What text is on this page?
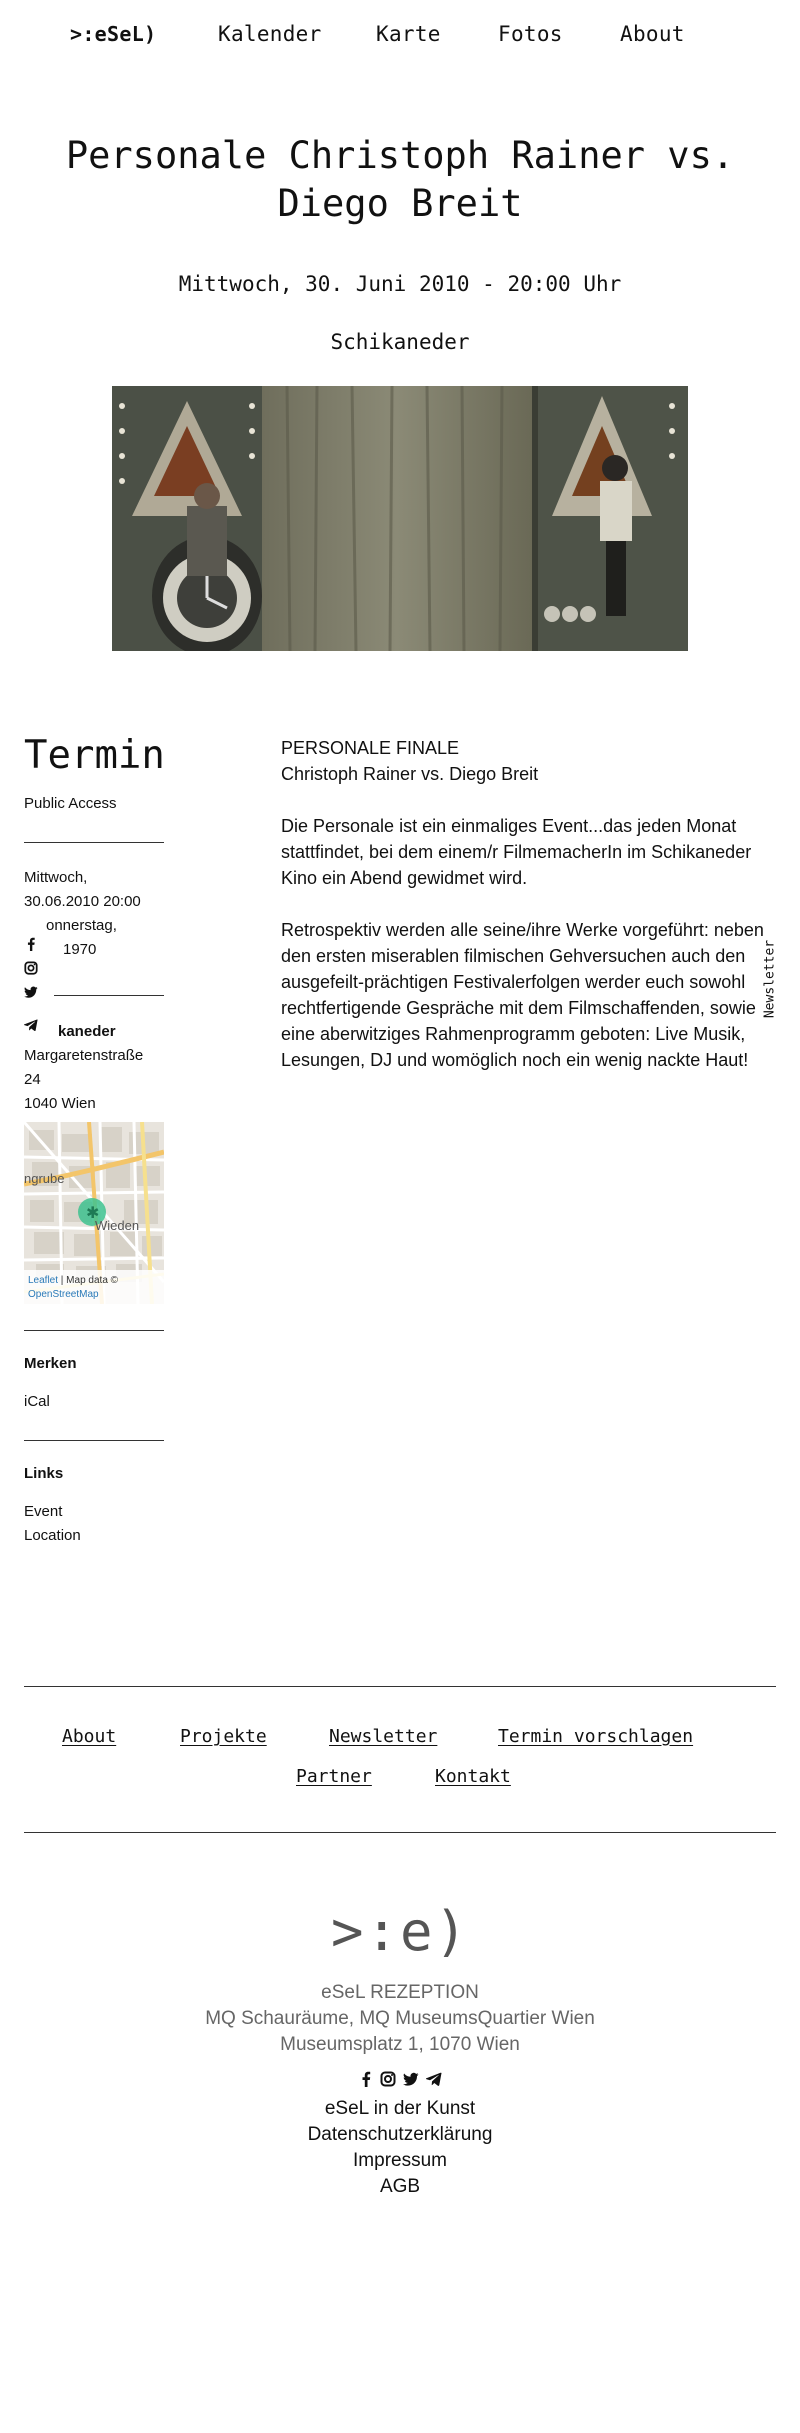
>:eSeL)	Kalender	Karte	Fotos	About
Personale Christoph Rainer vs. Diego Breit
Mittwoch, 30. Juni 2010 - 20:00 Uhr
Schikaneder
Termin
Public Access
Mittwoch,
30.06.2010 20:00
onnerstag,
1970
kaneder
Margaretenstraße
24
1040 Wien
✱
ngrube
Wieden
Leaflet | Map data ©
OpenStreetMap
Merken
iCal
Links
Event
Location

PERSONALE FINALE
Christoph Rainer vs. Diego Breit

Die Personale ist ein einmaliges Event...das jeden Monat stattfindet, bei dem einem/r FilmemacherIn im Schikaneder Kino ein Abend gewidmet wird.

Retrospektiv werden alle seine/ihre Werke vorgeführt: neben den ersten miserablen filmischen Gehversuchen auch den ausgefeilt-prächtigen Festivalerfolgen werder euch sowohl rechtfertigende Gespräche mit dem Filmschaffenden, sowie eine aberwitziges Rahmenprogramm geboten: Live Musik, Lesungen, DJ und womöglich noch ein wenig nackte Haut!

Newsletter
About	Projekte	Newsletter	Termin vorschlagen
Partner	Kontakt
>:e)
eSeL REZEPTION
MQ Schauräume, MQ MuseumsQuartier Wien
Museumsplatz 1, 1070 Wien
eSeL in der Kunst
Datenschutzerklärung
Impressum
AGB
